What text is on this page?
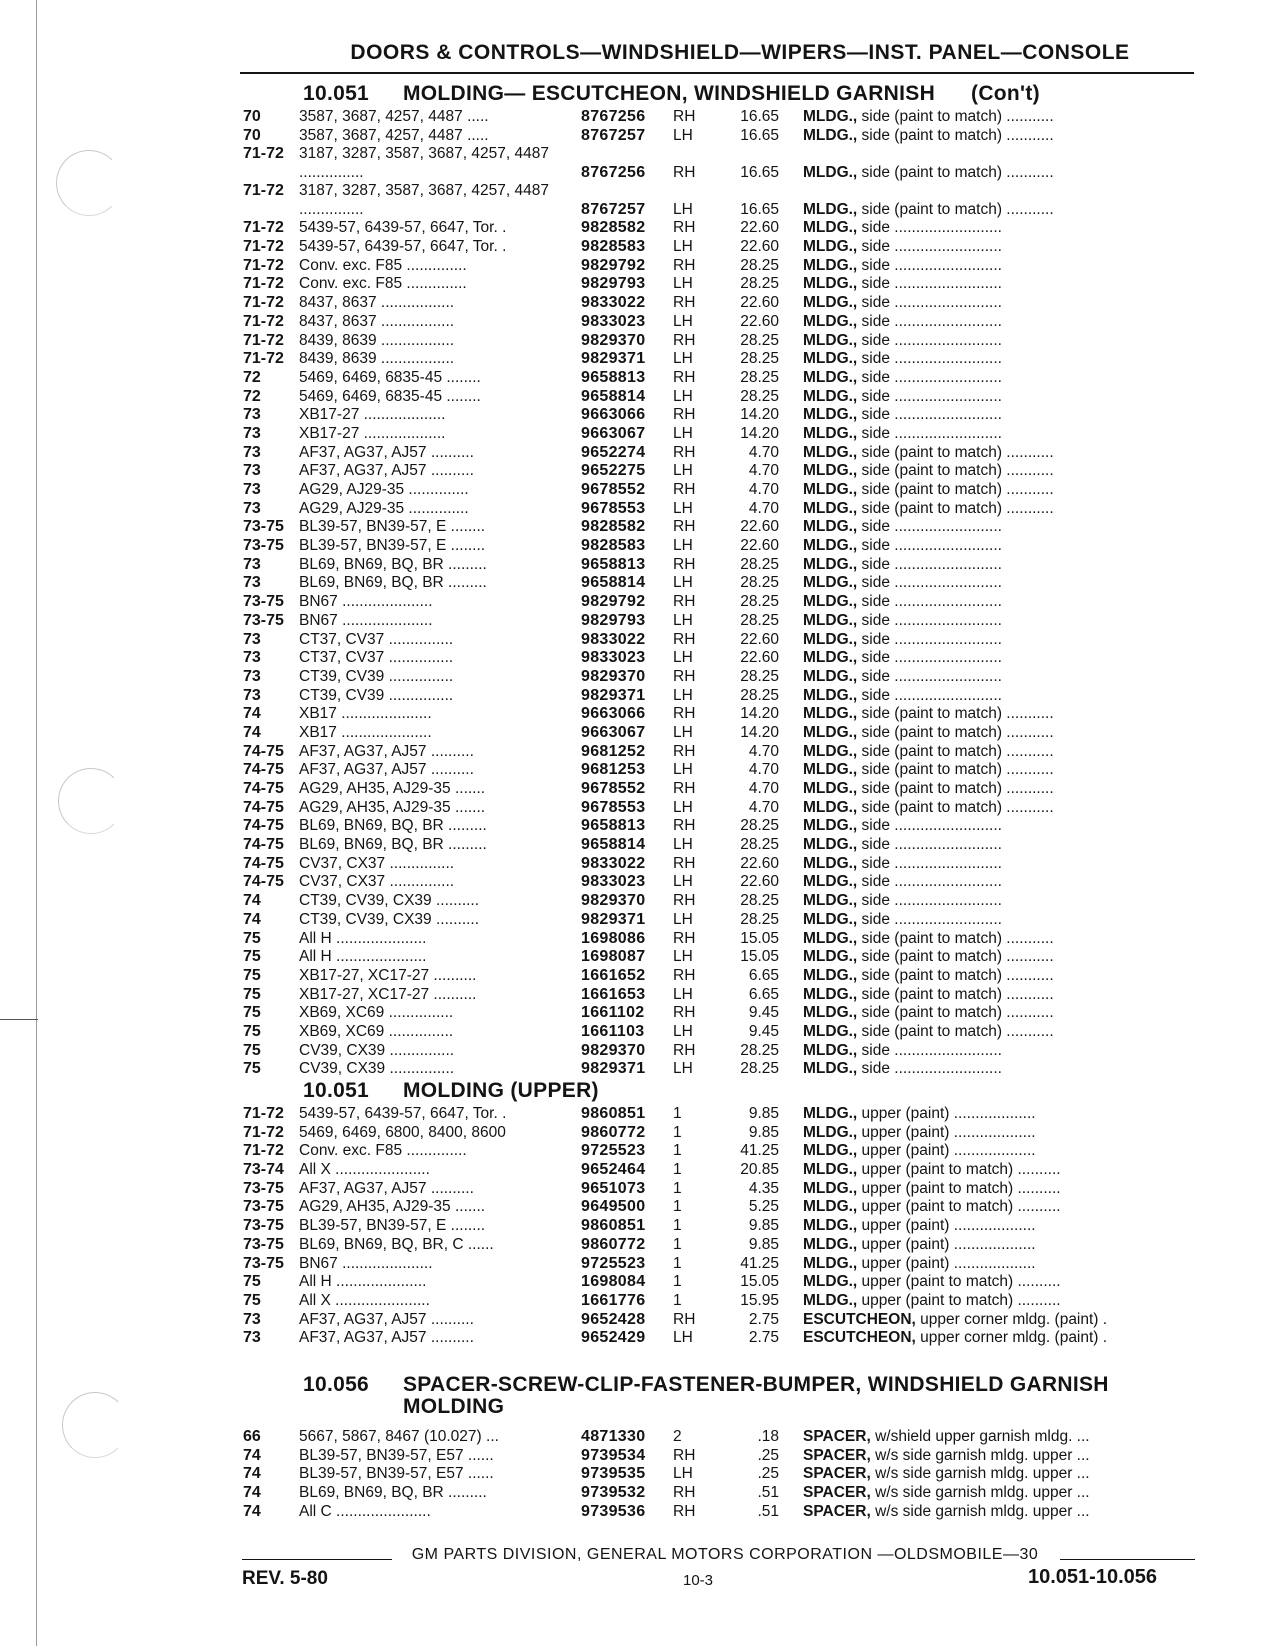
DOORS & CONTROLS—WINDSHIELD—WIPERS—INST. PANEL—CONSOLE
10.051	MOLDING— ESCUTCHEON, WINDSHIELD GARNISH (Con't)
70	3587, 3687, 4257, 4487 .....	8767256	RH	16.65	MLDG., side (paint to match) ...........
70	3587, 3687, 4257, 4487 .....	8767257	LH	16.65	MLDG., side (paint to match) ...........
71-72 3187, 3287, 3587, 3687, 4257, 4487 ...............	8767256	RH	16.65	MLDG., side (paint to match) ...........
71-72 3187, 3287, 3587, 3687, 4257, 4487 ...............	8767257	LH	16.65	MLDG., side (paint to match) ...........
71-72 5439-57, 6439-57, 6647, Tor. .	9828582	RH	22.60	MLDG., side .........................
71-72 5439-57, 6439-57, 6647, Tor. .	9828583	LH	22.60	MLDG., side .........................
71-72 Conv. exc. F85 ..............	9829792	RH	28.25	MLDG., side .........................
71-72 Conv. exc. F85 ..............	9829793	LH	28.25	MLDG., side .........................
71-72 8437, 8637 .................	9833022	RH	22.60	MLDG., side .........................
71-72 8437, 8637 .................	9833023	LH	22.60	MLDG., side .........................
71-72 8439, 8639 .................	9829370	RH	28.25	MLDG., side .........................
71-72 8439, 8639 .................	9829371	LH	28.25	MLDG., side .........................
72	5469, 6469, 6835-45 ........	9658813	RH	28.25	MLDG., side .........................
72	5469, 6469, 6835-45 ........	9658814	LH	28.25	MLDG., side .........................
73	XB17-27 ...................	9663066	RH	14.20	MLDG., side .........................
73	XB17-27 ...................	9663067	LH	14.20	MLDG., side .........................
73	AF37, AG37, AJ57 ..........	9652274	RH	4.70	MLDG., side (paint to match) ...........
73	AF37, AG37, AJ57 ..........	9652275	LH	4.70	MLDG., side (paint to match) ...........
73	AG29, AJ29-35 ..............	9678552	RH	4.70	MLDG., side (paint to match) ...........
73	AG29, AJ29-35 ..............	9678553	LH	4.70	MLDG., side (paint to match) ...........
73-75 BL39-57, BN39-57, E ........	9828582	RH	22.60	MLDG., side .........................
73-75 BL39-57, BN39-57, E ........	9828583	LH	22.60	MLDG., side .........................
73	BL69, BN69, BQ, BR .........	9658813	RH	28.25	MLDG., side .........................
73	BL69, BN69, BQ, BR .........	9658814	LH	28.25	MLDG., side .........................
73-75 BN67 .....................	9829792	RH	28.25	MLDG., side .........................
73-75 BN67 .....................	9829793	LH	28.25	MLDG., side .........................
73	CT37, CV37 ...............	9833022	RH	22.60	MLDG., side .........................
73	CT37, CV37 ...............	9833023	LH	22.60	MLDG., side .........................
73	CT39, CV39 ...............	9829370	RH	28.25	MLDG., side .........................
73	CT39, CV39 ...............	9829371	LH	28.25	MLDG., side .........................
74	XB17 .....................	9663066	RH	14.20	MLDG., side (paint to match) ...........
74	XB17 .....................	9663067	LH	14.20	MLDG., side (paint to match) ...........
74-75 AF37, AG37, AJ57 ..........	9681252	RH	4.70	MLDG., side (paint to match) ...........
74-75 AF37, AG37, AJ57 ..........	9681253	LH	4.70	MLDG., side (paint to match) ...........
74-75 AG29, AH35, AJ29-35 .......	9678552	RH	4.70	MLDG., side (paint to match) ...........
74-75 AG29, AH35, AJ29-35 .......	9678553	LH	4.70	MLDG., side (paint to match) ...........
74-75 BL69, BN69, BQ, BR .........	9658813	RH	28.25	MLDG., side .........................
74-75 BL69, BN69, BQ, BR .........	9658814	LH	28.25	MLDG., side .........................
74-75 CV37, CX37 ...............	9833022	RH	22.60	MLDG., side .........................
74-75 CV37, CX37 ...............	9833023	LH	22.60	MLDG., side .........................
74	CT39, CV39, CX39 ..........	9829370	RH	28.25	MLDG., side .........................
74	CT39, CV39, CX39 ..........	9829371	LH	28.25	MLDG., side .........................
75	All H .....................	1698086	RH	15.05	MLDG., side (paint to match) ...........
75	All H .....................	1698087	LH	15.05	MLDG., side (paint to match) ...........
75	XB17-27, XC17-27 ..........	1661652	RH	6.65	MLDG., side (paint to match) ...........
75	XB17-27, XC17-27 ..........	1661653	LH	6.65	MLDG., side (paint to match) ...........
75	XB69, XC69 ...............	1661102	RH	9.45	MLDG., side (paint to match) ...........
75	XB69, XC69 ...............	1661103	LH	9.45	MLDG., side (paint to match) ...........
75	CV39, CX39 ...............	9829370	RH	28.25	MLDG., side .........................
75	CV39, CX39 ...............	9829371	LH	28.25	MLDG., side .........................
10.051	MOLDING (UPPER)
71-72 5439-57, 6439-57, 6647, Tor. .	9860851	1	9.85	MLDG., upper (paint) ...................
71-72 5469, 6469, 6800, 8400, 8600	9860772	1	9.85	MLDG., upper (paint) ...................
71-72 Conv. exc. F85 ..............	9725523	1	41.25	MLDG., upper (paint) ...................
73-74 All X ......................	9652464	1	20.85	MLDG., upper (paint to match) ..........
73-75 AF37, AG37, AJ57 ..........	9651073	1	4.35	MLDG., upper (paint to match) ..........
73-75 AG29, AH35, AJ29-35 .......	9649500	1	5.25	MLDG., upper (paint to match) ..........
73-75 BL39-57, BN39-57, E ........	9860851	1	9.85	MLDG., upper (paint) ...................
73-75 BL69, BN69, BQ, BR, C ......	9860772	1	9.85	MLDG., upper (paint) ...................
73-75 BN67 .....................	9725523	1	41.25	MLDG., upper (paint) ...................
75	All H .....................	1698084	1	15.05	MLDG., upper (paint to match) ..........
75	All X ......................	1661776	1	15.95	MLDG., upper (paint to match) ..........
73	AF37, AG37, AJ57 ..........	9652428	RH	2.75	ESCUTCHEON, upper corner mldg. (paint) .
73	AF37, AG37, AJ57 ..........	9652429	LH	2.75	ESCUTCHEON, upper corner mldg. (paint) .
10.056	SPACER-SCREW-CLIP-FASTENER-BUMPER, WINDSHIELD GARNISH
MOLDING
66	5667, 5867, 8467 (10.027) ...	4871330	2	.18	SPACER, w/shield upper garnish mldg. ...
74	BL39-57, BN39-57, E57 ......	9739534	RH	.25	SPACER, w/s side garnish mldg. upper ...
74	BL39-57, BN39-57, E57 ......	9739535	LH	.25	SPACER, w/s side garnish mldg. upper ...
74	BL69, BN69, BQ, BR .........	9739532	RH	.51	SPACER, w/s side garnish mldg. upper ...
74	All C ......................	9739536	RH	.51	SPACER, w/s side garnish mldg. upper ...
GM PARTS DIVISION, GENERAL MOTORS CORPORATION —OLDSMOBILE—30
REV. 5-80	10-3	10.051-10.056
